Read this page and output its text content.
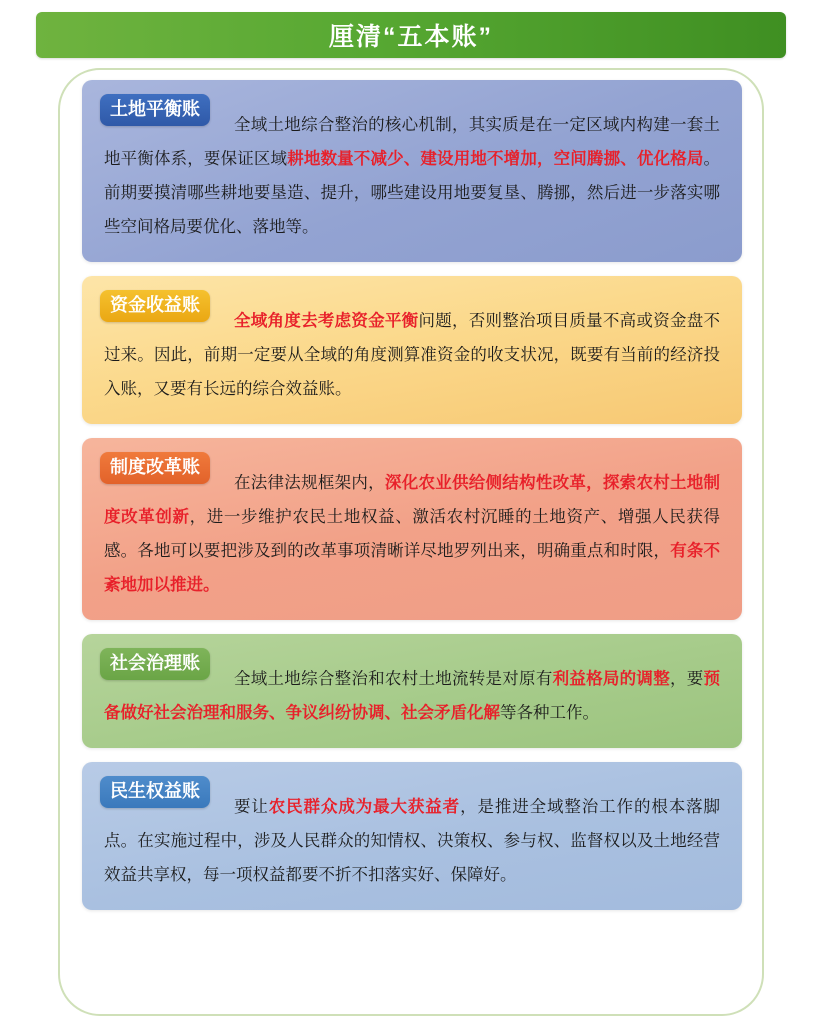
厘清“五本账”
土地平衡账

全域土地综合整治的核心机制，其实质是在一定区域内构建一套土地平衡体系，要保证区域耕地数量不减少、建设用地不增加，空间腾挪、优化格局。前期要摸清哪些耕地要垦造、提升，哪些建设用地要复垦、腾挪，然后进一步落实哪些空间格局要优化、落地等。

资金收益账

全域角度去考虑资金平衡问题，否则整治项目质量不高或资金盘不过来。因此，前期一定要从全域的角度测算准资金的收支状况，既要有当前的经济投入账，又要有长远的综合效益账。

制度改革账

在法律法规框架内，深化农业供给侧结构性改革，探索农村土地制度改革创新，进一步维护农民土地权益、激活农村沉睡的土地资产、增强人民获得感。各地可以要把涉及到的改革事项清晰详尽地罗列出来，明确重点和时限，有条不紊地加以推进。

社会治理账

全域土地综合整治和农村土地流转是对原有利益格局的调整，要预备做好社会治理和服务、争议纠纷协调、社会矛盾化解等各种工作。

民生权益账

要让农民群众成为最大获益者，是推进全域整治工作的根本落脚点。在实施过程中，涉及人民群众的知情权、决策权、参与权、监督权以及土地经营效益共享权，每一项权益都要不折不扣落实好、保障好。
